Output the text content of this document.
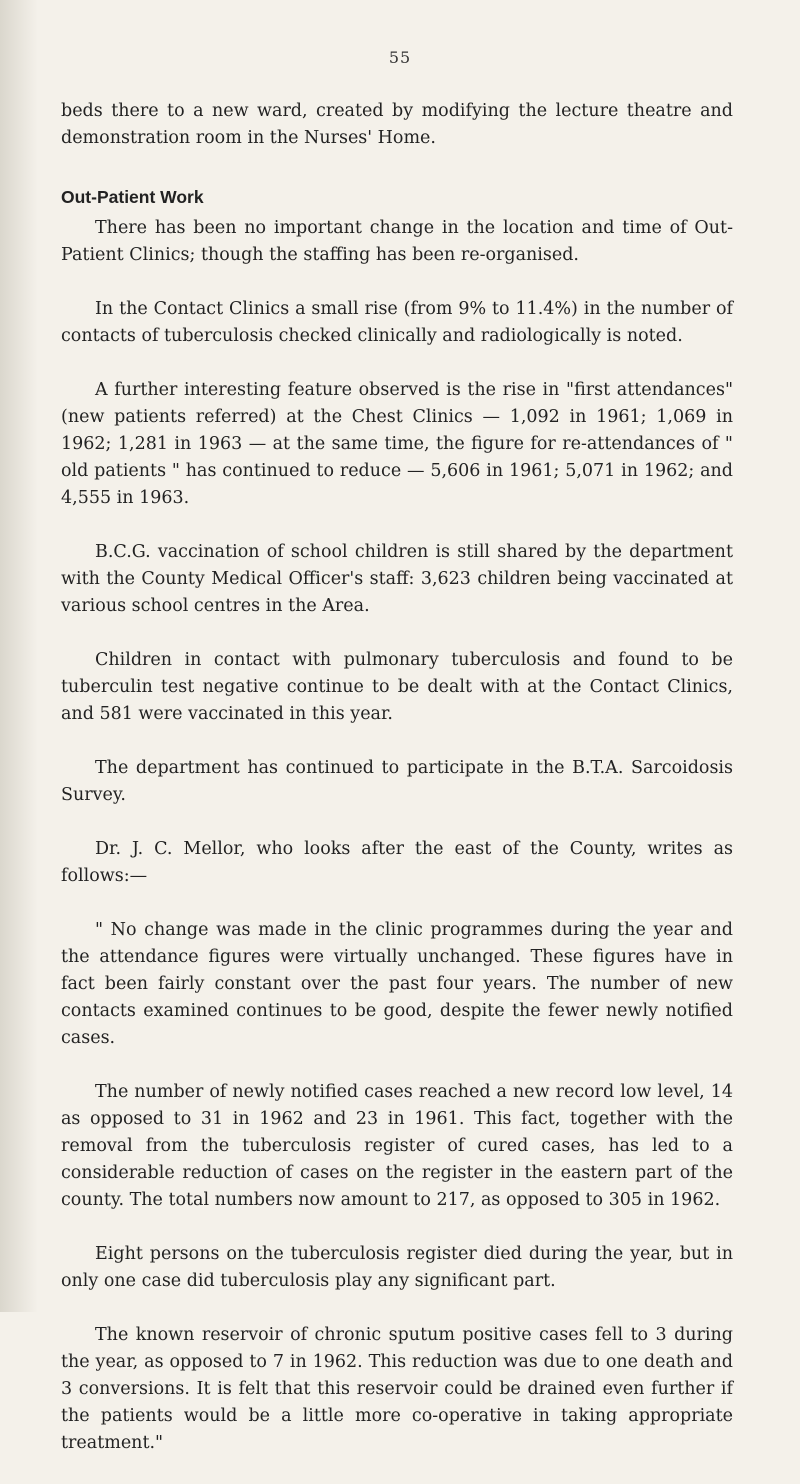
55

beds there to a new ward, created by modifying the lecture theatre and demonstration room in the Nurses' Home.

Out-Patient Work

There has been no important change in the location and time of Out-Patient Clinics; though the staffing has been re-organised.

In the Contact Clinics a small rise (from 9% to 11.4%) in the number of contacts of tuberculosis checked clinically and radiologically is noted.

A further interesting feature observed is the rise in "first attendances" (new patients referred) at the Chest Clinics — 1,092 in 1961; 1,069 in 1962; 1,281 in 1963 — at the same time, the figure for re-attendances of " old patients " has continued to reduce — 5,606 in 1961; 5,071 in 1962; and 4,555 in 1963.

B.C.G. vaccination of school children is still shared by the department with the County Medical Officer's staff: 3,623 children being vaccinated at various school centres in the Area.

Children in contact with pulmonary tuberculosis and found to be tuberculin test negative continue to be dealt with at the Contact Clinics, and 581 were vaccinated in this year.

The department has continued to participate in the B.T.A. Sarcoidosis Survey.

Dr. J. C. Mellor, who looks after the east of the County, writes as follows:—

" No change was made in the clinic programmes during the year and the attendance figures were virtually unchanged. These figures have in fact been fairly constant over the past four years. The number of new contacts examined continues to be good, despite the fewer newly notified cases.

The number of newly notified cases reached a new record low level, 14 as opposed to 31 in 1962 and 23 in 1961. This fact, together with the removal from the tuberculosis register of cured cases, has led to a considerable reduction of cases on the register in the eastern part of the county. The total numbers now amount to 217, as opposed to 305 in 1962.

Eight persons on the tuberculosis register died during the year, but in only one case did tuberculosis play any significant part.

The known reservoir of chronic sputum positive cases fell to 3 during the year, as opposed to 7 in 1962. This reduction was due to one death and 3 conversions. It is felt that this reservoir could be drained even further if the patients would be a little more co-operative in taking appropriate treatment."
